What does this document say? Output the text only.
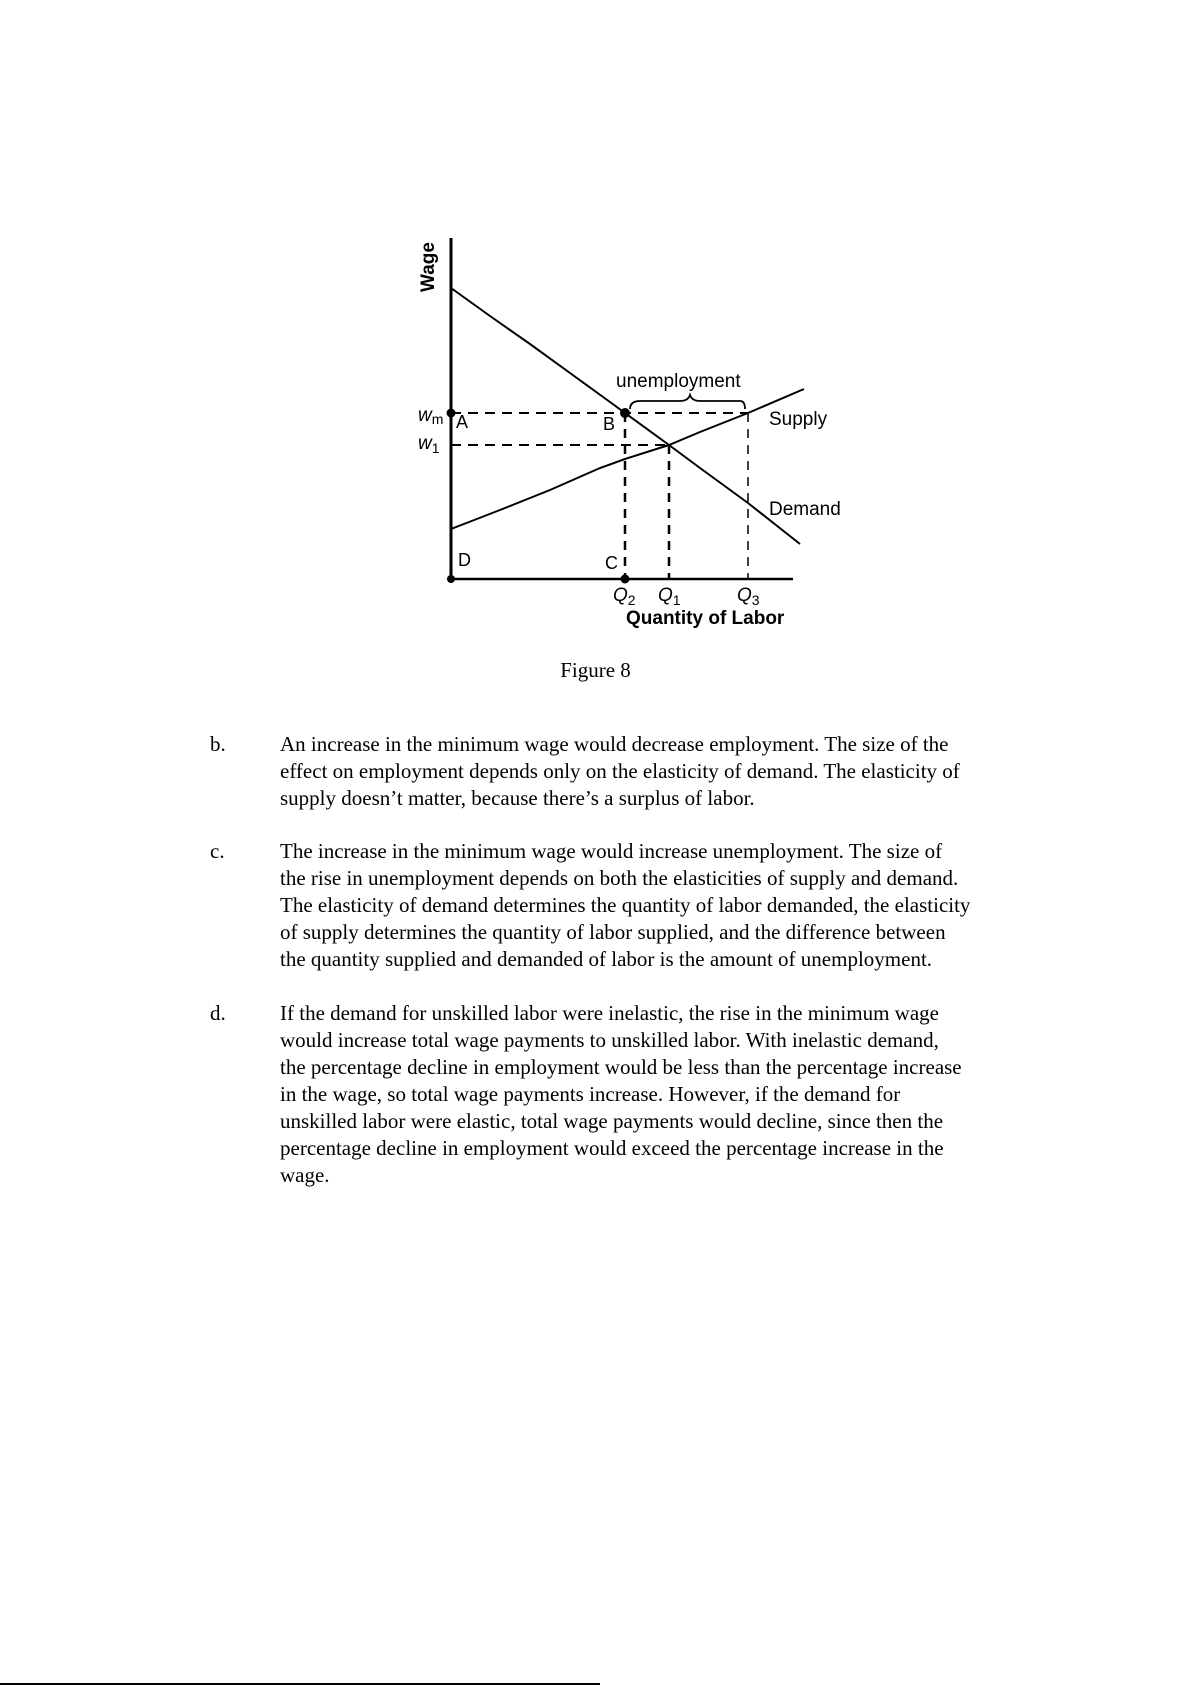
Wage
Quantity of Labor
unemployment
Supply
Demand
wm
$w_1$
$Q_2$ $Q_1$	$Q_3$
A	B
C
D
Figure 8
b.	An increase in the minimum wage would decrease employment. The size of the
effect on employment depends only on the elasticity of demand. The elasticity of
supply doesn’t matter, because there’s a surplus of labor.
c.	The increase in the minimum wage would increase unemployment. The size of
the rise in unemployment depends on both the elasticities of supply and demand.
The elasticity of demand determines the quantity of labor demanded, the elasticity
of supply determines the quantity of labor supplied, and the difference between
the quantity supplied and demanded of labor is the amount of unemployment.
d.	If the demand for unskilled labor were inelastic, the rise in the minimum wage
would increase total wage payments to unskilled labor. With inelastic demand,
the percentage decline in employment would be less than the percentage increase
in the wage, so total wage payments increase. However, if the demand for
unskilled labor were elastic, total wage payments would decline, since then the
percentage decline in employment would exceed the percentage increase in the
wage.
